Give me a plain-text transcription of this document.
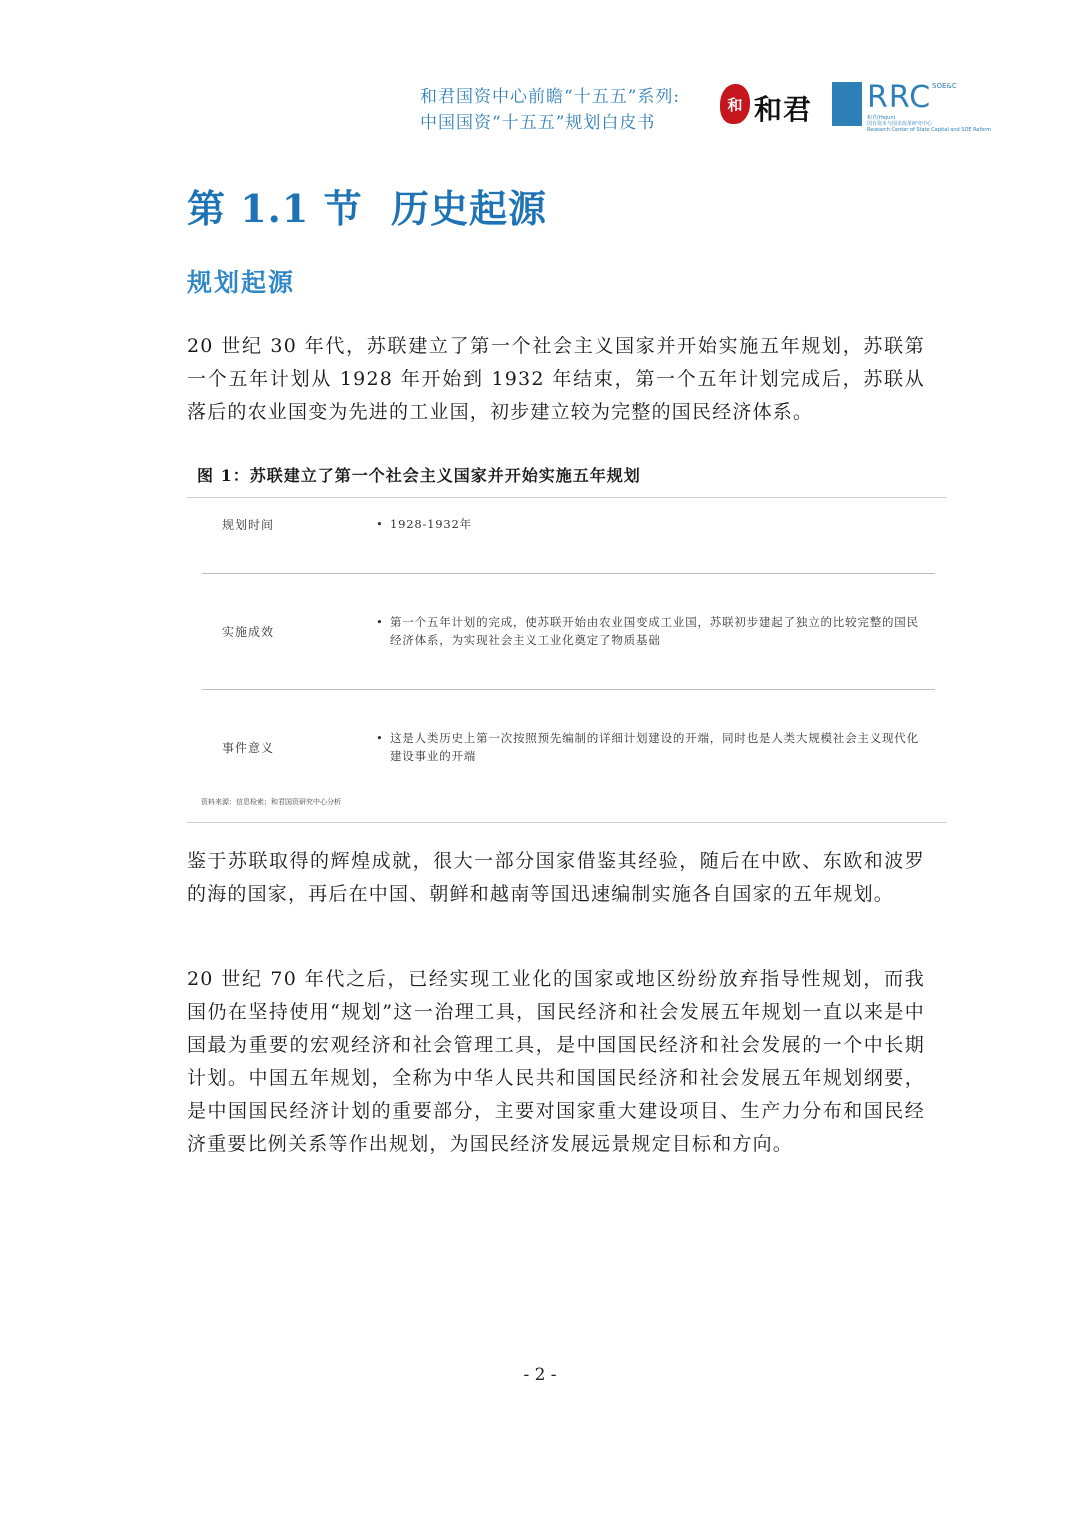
和君国资中心前瞻“十五五”系列:
中国国资“十五五”规划白皮书
和 和君 RRC SOE&C
和君(Hejun)
国有资本与国企改革研究中心
Research Center of State Capital and SOE Reform
第 1.1 节  历史起源
规划起源

20 世纪 30 年代，苏联建立了第一个社会主义国家并开始实施五年规划，苏联第一个五年计划从 1928 年开始到 1932 年结束，第一个五年计划完成后，苏联从落后的农业国变为先进的工业国，初步建立较为完整的国民经济体系。

图 1：苏联建立了第一个社会主义国家并开始实施五年规划
规划时间	• 1928-1932年
实施成效
• 第一个五年计划的完成，使苏联开始由农业国变成工业国，苏联初步建起了独立的比较完整的国民经济体系，为实现社会主义工业化奠定了物质基础
事件意义
• 这是人类历史上第一次按照预先编制的详细计划建设的开端，同时也是人类大规模社会主义现代化建设事业的开端
资料来源：信息检索；和君国资研究中心分析

鉴于苏联取得的辉煌成就，很大一部分国家借鉴其经验，随后在中欧、东欧和波罗的海的国家，再后在中国、朝鲜和越南等国迅速编制实施各自国家的五年规划。

20 世纪 70 年代之后，已经实现工业化的国家或地区纷纷放弃指导性规划，而我国仍在坚持使用“规划”这一治理工具，国民经济和社会发展五年规划一直以来是中国最为重要的宏观经济和社会管理工具，是中国国民经济和社会发展的一个中长期计划。中国五年规划，全称为中华人民共和国国民经济和社会发展五年规划纲要，是中国国民经济计划的重要部分，主要对国家重大建设项目、生产力分布和国民经济重要比例关系等作出规划，为国民经济发展远景规定目标和方向。

- 2 -
